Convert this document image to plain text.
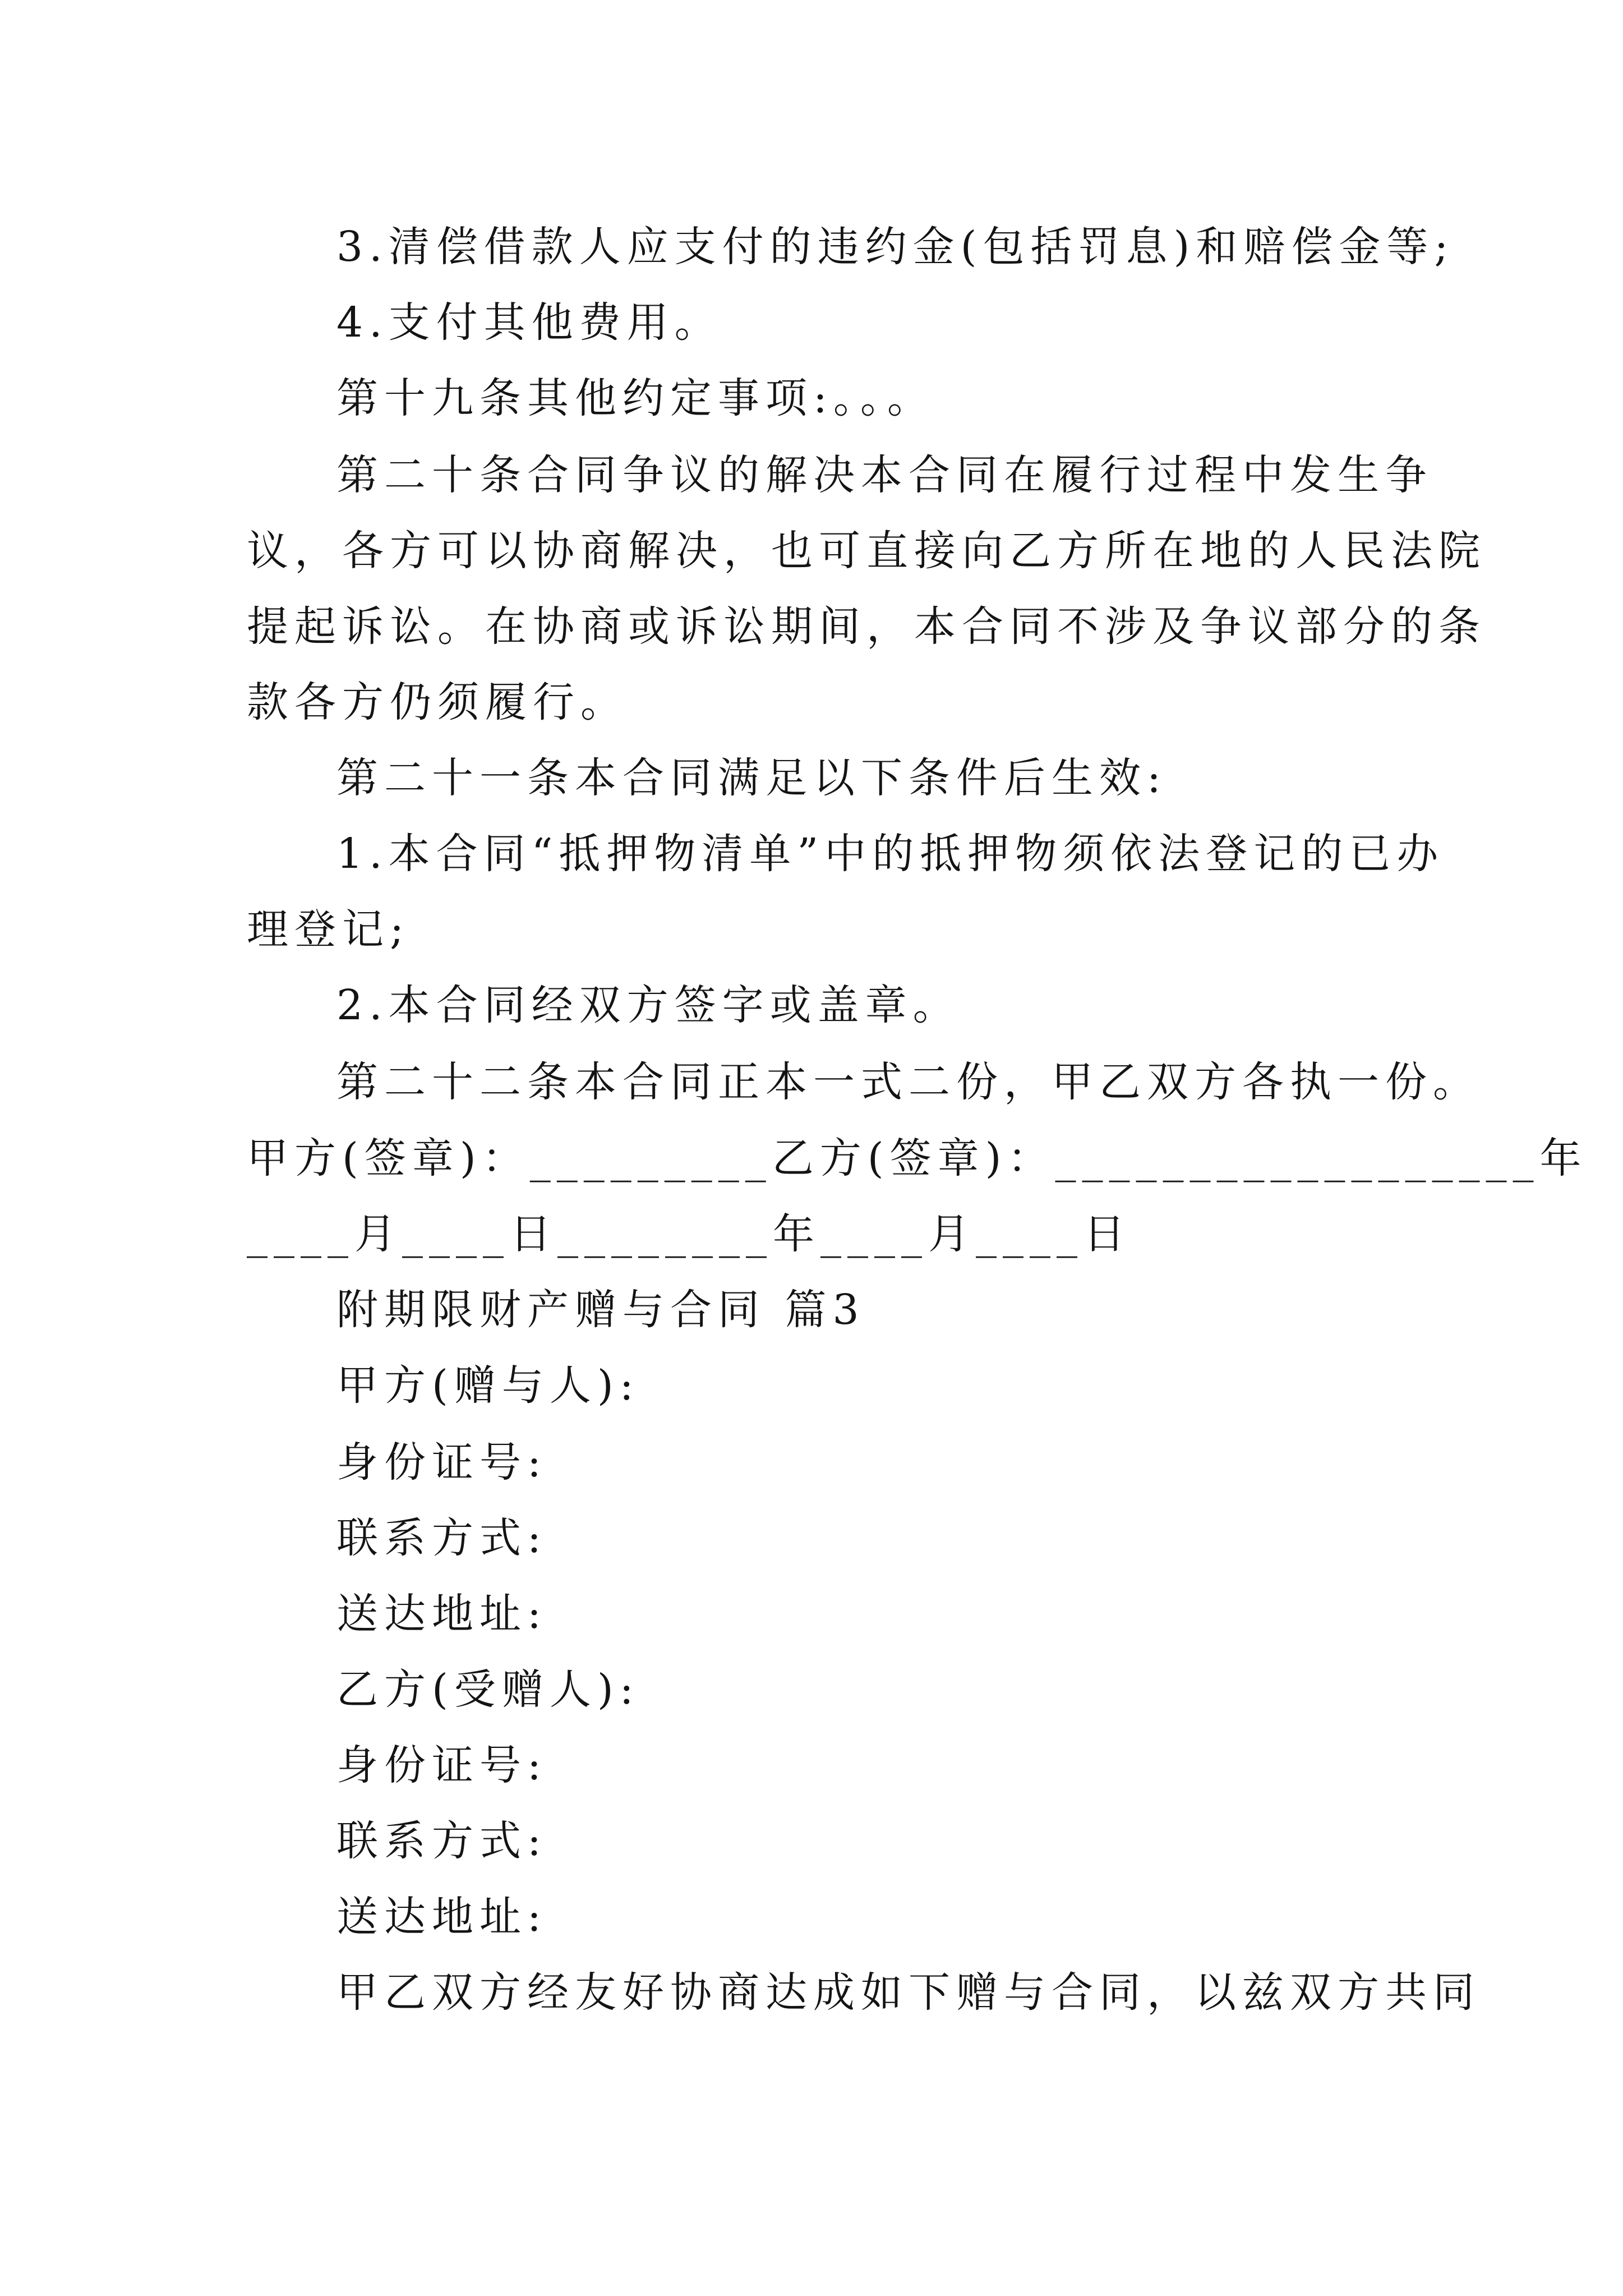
3.清偿借款人应支付的违约金(包括罚息)和赔偿金等;
4.支付其他费用。
第十九条其他约定事项:。。。
第二十条合同争议的解决本合同在履行过程中发生争
议，各方可以协商解决，也可直接向乙方所在地的人民法院
提起诉讼。在协商或诉讼期间，本合同不涉及争议部分的条
款各方仍须履行。
第二十一条本合同满足以下条件后生效:
1.本合同“抵押物清单”中的抵押物须依法登记的已办
理登记;
2.本合同经双方签字或盖章。
第二十二条本合同正本一式二份，甲乙双方各执一份。
甲方(签章)：_________乙方(签章)：__________________年
____月____日________年____月____日
附期限财产赠与合同 篇3
甲方(赠与人):
身份证号:
联系方式:
送达地址:
乙方(受赠人):
身份证号:
联系方式:
送达地址:
甲乙双方经友好协商达成如下赠与合同，以兹双方共同
